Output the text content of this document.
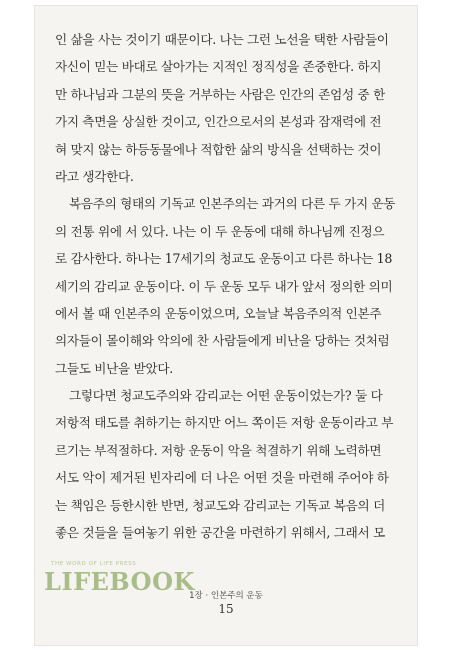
인 삶을 사는 것이기 때문이다. 나는 그런 노선을 택한 사람들이
자신이 믿는 바대로 살아가는 지적인 정직성을 존중한다. 하지
만 하나님과 그분의 뜻을 거부하는 사람은 인간의 존엄성 중 한
가지 측면을 상실한 것이고, 인간으로서의 본성과 잠재력에 전
혀 맞지 않는 하등동물에나 적합한 삶의 방식을 선택하는 것이
라고 생각한다.
복음주의 형태의 기독교 인본주의는 과거의 다른 두 가지 운동
의 전통 위에 서 있다. 나는 이 두 운동에 대해 하나님께 진정으
로 감사한다. 하나는 17세기의 청교도 운동이고 다른 하나는 18
세기의 감리교 운동이다. 이 두 운동 모두 내가 앞서 정의한 의미
에서 볼 때 인본주의 운동이었으며, 오늘날 복음주의적 인본주
의자들이 몰이해와 악의에 찬 사람들에게 비난을 당하는 것처럼
그들도 비난을 받았다.
그렇다면 청교도주의와 감리교는 어떤 운동이었는가? 둘 다
저항적 태도를 취하기는 하지만 어느 쪽이든 저항 운동이라고 부
르기는 부적절하다. 저항 운동이 악을 척결하기 위해 노력하면
서도 악이 제거된 빈자리에 더 나은 어떤 것을 마련해 주어야 하
는 책임은 등한시한 반면, 청교도와 감리교는 기독교 복음의 더
좋은 것들을 들여놓기 위한 공간을 마련하기 위해서, 그래서 모
THE WORD OF LIFE PRESS
LIFEBOOK
1장 · 인본주의 운동
15
